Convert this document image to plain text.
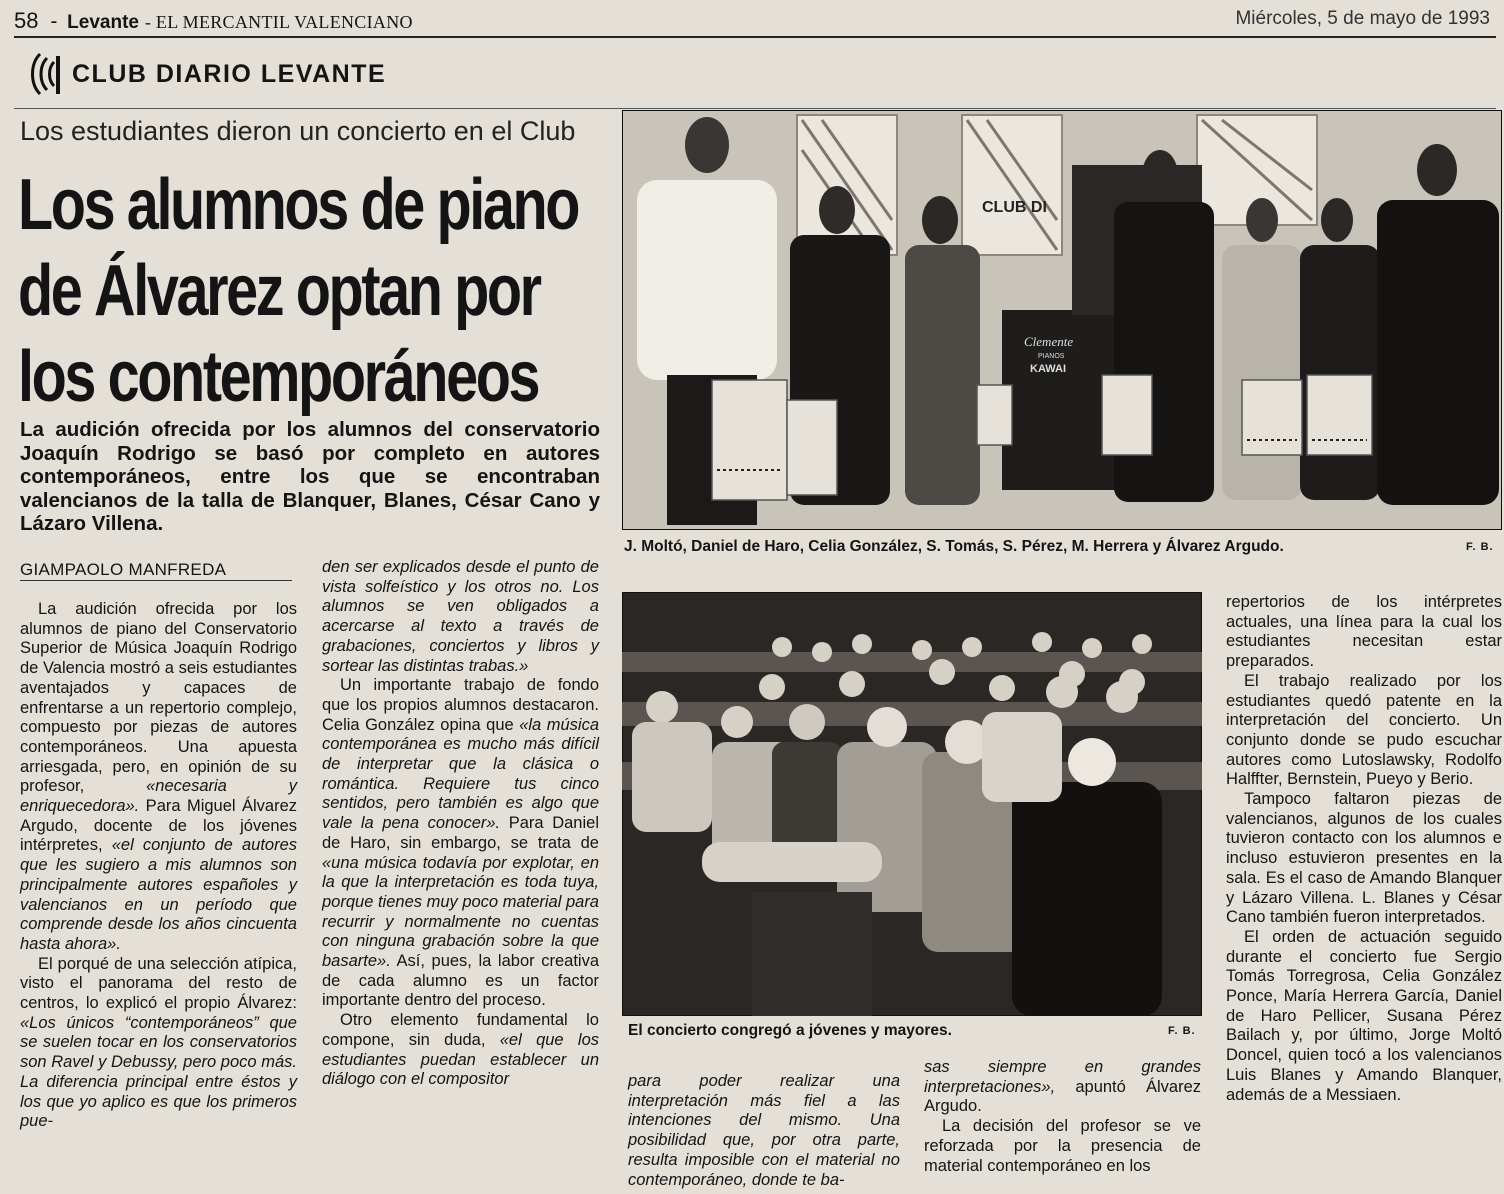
58 - Levante - EL MERCANTIL VALENCIANO	Miércoles, 5 de mayo de 1993
CLUB DIARIO LEVANTE
Los estudiantes dieron un concierto en el Club
Los alumnos de piano
de Álvarez optan por
los contemporáneos
La audición ofrecida por los alumnos del conservatorio Joaquín Rodrigo se basó por completo en autores contemporáneos, entre los que se encontraban valencianos de la talla de Blanquer, Blanes, César Cano y Lázaro Villena.
GIAMPAOLO MANFREDA

La audición ofrecida por los alumnos de piano del Conservatorio Superior de Música Joaquín Rodrigo de Valencia mostró a seis estudiantes aventajados y capaces de enfrentarse a un repertorio complejo, compuesto por piezas de autores contemporáneos. Una apuesta arriesgada, pero, en opinión de su profesor, «necesaria y enriquecedora». Para Miguel Álvarez Argudo, docente de los jóvenes intérpretes, «el conjunto de autores que les sugiero a mis alumnos son principalmente autores españoles y valencianos en un período que comprende desde los años cincuenta hasta ahora».

El porqué de una selección atípica, visto el panorama del resto de centros, lo explicó el propio Álvarez: «Los únicos “contemporáneos” que se suelen tocar en los conservatorios son Ravel y Debussy, pero poco más. La diferencia principal entre éstos y los que yo aplico es que los primeros pue-

den ser explicados desde el punto de vista solfeístico y los otros no. Los alumnos se ven obligados a acercarse al texto a través de grabaciones, conciertos y libros y sortear las distintas trabas.»

Un importante trabajo de fondo que los propios alumnos destacaron. Celia González opina que «la música contemporánea es mucho más difícil de interpretar que la clásica o romántica. Requiere tus cinco sentidos, pero también es algo que vale la pena conocer». Para Daniel de Haro, sin embargo, se trata de «una música todavía por explotar, en la que la interpretación es toda tuya, porque tienes muy poco material para recurrir y normalmente no cuentas con ninguna grabación sobre la que basarte». Así, pues, la labor creativa de cada alumno es un factor importante dentro del proceso.

Otro elemento fundamental lo compone, sin duda, «el que los estudiantes puedan establecer un diálogo con el compositor

CLUB DI
Clemente
PIANOS
KAWAI
J. Moltó, Daniel de Haro, Celia González, S. Tomás, S. Pérez, M. Herrera y Álvarez Argudo.	F. B.
El concierto congregó a jóvenes y mayores.	F. B.

para poder realizar una interpretación más fiel a las intenciones del mismo. Una posibilidad que, por otra parte, resulta imposible con el material no contemporáneo, donde te ba-

sas siempre en grandes interpretaciones», apuntó Álvarez Argudo.

La decisión del profesor se ve reforzada por la presencia de material contemporáneo en los

repertorios de los intérpretes actuales, una línea para la cual los estudiantes necesitan estar preparados.

El trabajo realizado por los estudiantes quedó patente en la interpretación del concierto. Un conjunto donde se pudo escuchar autores como Lutoslawsky, Rodolfo Halffter, Bernstein, Pueyo y Berio.

Tampoco faltaron piezas de valencianos, algunos de los cuales tuvieron contacto con los alumnos e incluso estuvieron presentes en la sala. Es el caso de Amando Blanquer y Lázaro Villena. L. Blanes y César Cano también fueron interpretados.

El orden de actuación seguido durante el concierto fue Sergio Tomás Torregrosa, Celia González Ponce, María Herrera García, Daniel de Haro Pellicer, Susana Pérez Bailach y, por último, Jorge Moltó Doncel, quien tocó a los valencianos Luis Blanes y Amando Blanquer, además de a Messiaen.
